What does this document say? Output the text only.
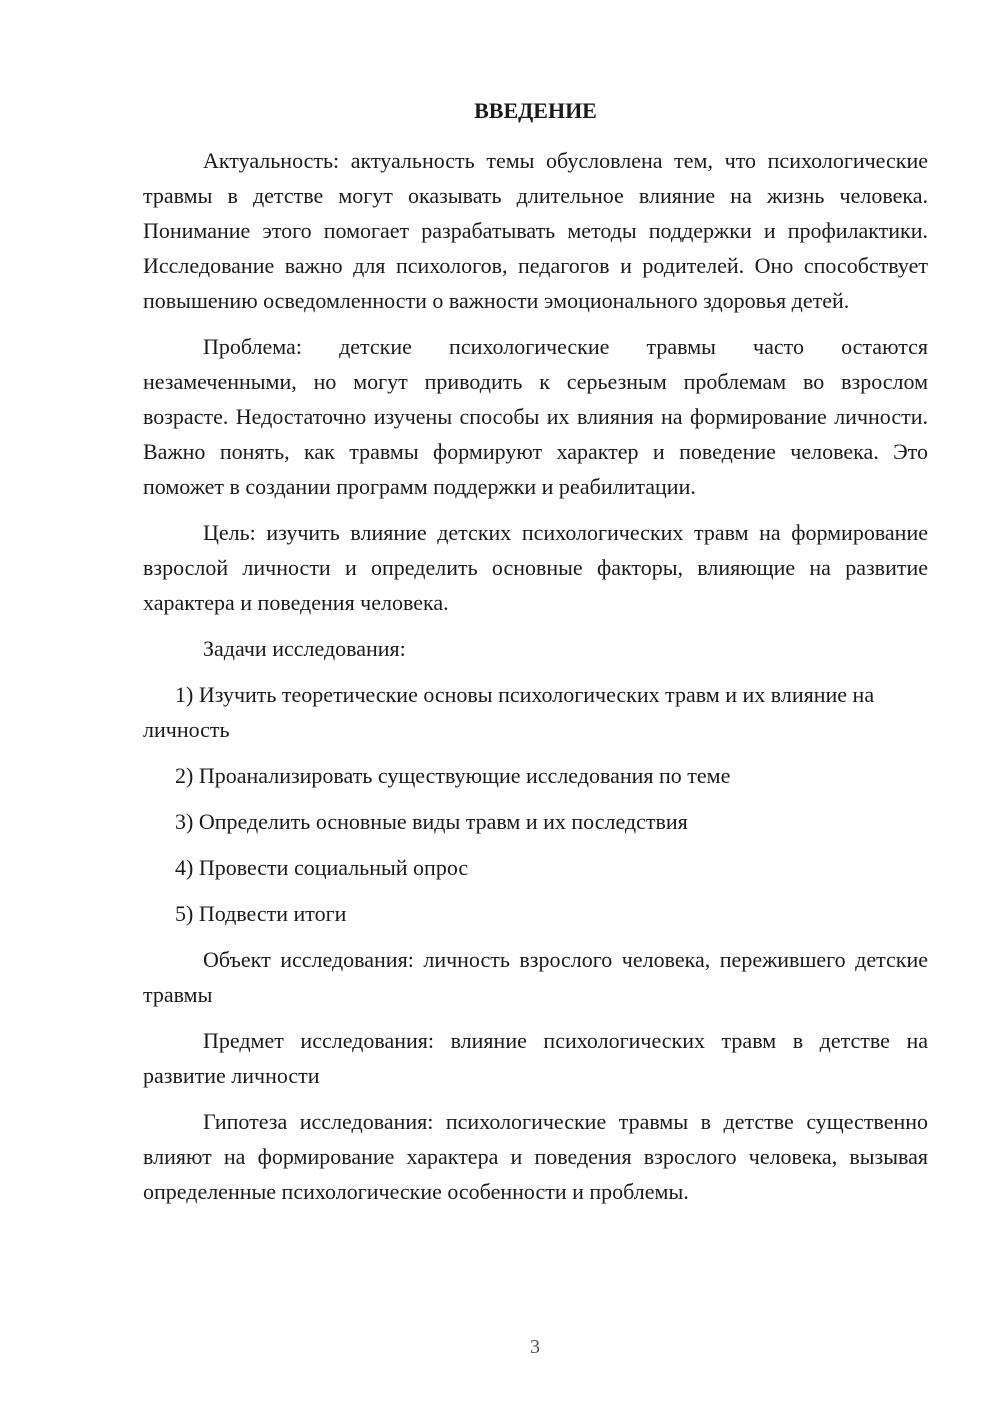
ВВЕДЕНИЕ

Актуальность: актуальность темы обусловлена тем, что психологические травмы в детстве могут оказывать длительное влияние на жизнь человека. Понимание этого помогает разрабатывать методы поддержки и профилактики. Исследование важно для психологов, педагогов и родителей. Оно способствует повышению осведомленности о важности эмоционального здоровья детей.

Проблема: детские психологические травмы часто остаются незамеченными, но могут приводить к серьезным проблемам во взрослом возрасте. Недостаточно изучены способы их влияния на формирование личности. Важно понять, как травмы формируют характер и поведение человека. Это поможет в создании программ поддержки и реабилитации.

Цель: изучить влияние детских психологических травм на формирование взрослой личности и определить основные факторы, влияющие на развитие характера и поведения человека.

Задачи исследования:

1) Изучить теоретические основы психологических травм и их влияние на личность

2) Проанализировать существующие исследования по теме

3) Определить основные виды травм и их последствия

4) Провести социальный опрос

5) Подвести итоги

Объект исследования: личность взрослого человека, пережившего детские травмы

Предмет исследования: влияние психологических травм в детстве на развитие личности

Гипотеза исследования: психологические травмы в детстве существенно влияют на формирование характера и поведения взрослого человека, вызывая определенные психологические особенности и проблемы.

3
